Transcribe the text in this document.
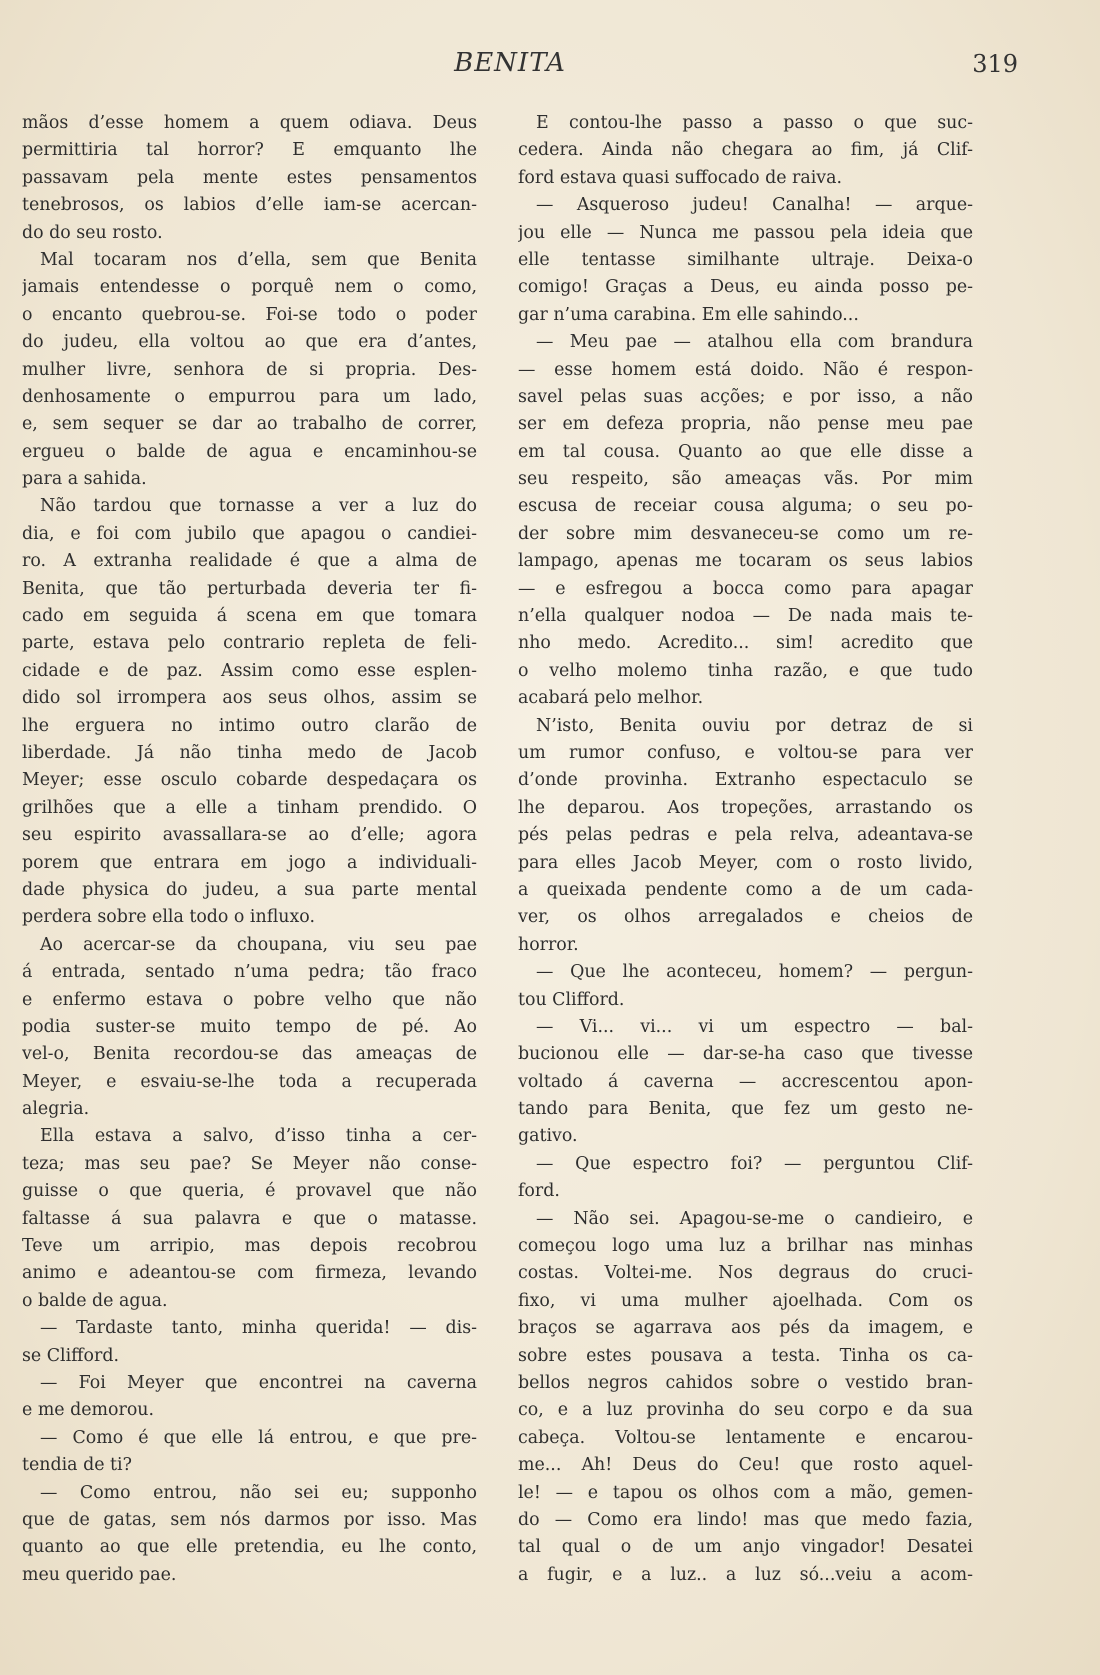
BENITA	319
mãos d’esse homem a quem odiava. Deus
permittiria tal horror? E emquanto lhe
passavam pela mente estes pensamentos
tenebrosos, os labios d’elle iam-se acercan-
do do seu rosto.
Mal tocaram nos d’ella, sem que Benita
jamais entendesse o porquê nem o como,
o encanto quebrou-se. Foi-se todo o poder
do judeu, ella voltou ao que era d’antes,
mulher livre, senhora de si propria. Des-
denhosamente o empurrou para um lado,
e, sem sequer se dar ao trabalho de correr,
ergueu o balde de agua e encaminhou-se
para a sahida.
Não tardou que tornasse a ver a luz do
dia, e foi com jubilo que apagou o candiei-
ro. A extranha realidade é que a alma de
Benita, que tão perturbada deveria ter fi-
cado em seguida á scena em que tomara
parte, estava pelo contrario repleta de feli-
cidade e de paz. Assim como esse esplen-
dido sol irrompera aos seus olhos, assim se
lhe erguera no intimo outro clarão de
liberdade. Já não tinha medo de Jacob
Meyer; esse osculo cobarde despedaçara os
grilhões que a elle a tinham prendido. O
seu espirito avassallara-se ao d’elle; agora
porem que entrara em jogo a individuali-
dade physica do judeu, a sua parte mental
perdera sobre ella todo o influxo.
Ao acercar-se da choupana, viu seu pae
á entrada, sentado n’uma pedra; tão fraco
e enfermo estava o pobre velho que não
podia suster-se muito tempo de pé. Ao
vel-o, Benita recordou-se das ameaças de
Meyer, e esvaiu-se-lhe toda a recuperada
alegria.
Ella estava a salvo, d’isso tinha a cer-
teza; mas seu pae? Se Meyer não conse-
guisse o que queria, é provavel que não
faltasse á sua palavra e que o matasse.
Teve um arripio, mas depois recobrou
animo e adeantou-se com firmeza, levando
o balde de agua.
— Tardaste tanto, minha querida! — dis-
se Clifford.
— Foi Meyer que encontrei na caverna
e me demorou.
— Como é que elle lá entrou, e que pre-
tendia de ti?
— Como entrou, não sei eu; supponho
que de gatas, sem nós darmos por isso. Mas
quanto ao que elle pretendia, eu lhe conto,
meu querido pae.
E contou-lhe passo a passo o que suc-
cedera. Ainda não chegara ao fim, já Clif-
ford estava quasi suffocado de raiva.
— Asqueroso judeu! Canalha! — arque-
jou elle — Nunca me passou pela ideia que
elle tentasse similhante ultraje. Deixa-o
comigo! Graças a Deus, eu ainda posso pe-
gar n’uma carabina. Em elle sahindo...
— Meu pae — atalhou ella com brandura
— esse homem está doido. Não é respon-
savel pelas suas acções; e por isso, a não
ser em defeza propria, não pense meu pae
em tal cousa. Quanto ao que elle disse a
seu respeito, são ameaças vãs. Por mim
escusa de receiar cousa alguma; o seu po-
der sobre mim desvaneceu-se como um re-
lampago, apenas me tocaram os seus labios
— e esfregou a bocca como para apagar
n’ella qualquer nodoa — De nada mais te-
nho medo. Acredito... sim! acredito que
o velho molemo tinha razão, e que tudo
acabará pelo melhor.
N’isto, Benita ouviu por detraz de si
um rumor confuso, e voltou-se para ver
d’onde provinha. Extranho espectaculo se
lhe deparou. Aos tropeções, arrastando os
pés pelas pedras e pela relva, adeantava-se
para elles Jacob Meyer, com o rosto livido,
a queixada pendente como a de um cada-
ver, os olhos arregalados e cheios de
horror.
— Que lhe aconteceu, homem? — pergun-
tou Clifford.
— Vi... vi... vi um espectro — bal-
bucionou elle — dar-se-ha caso que tivesse
voltado á caverna — accrescentou apon-
tando para Benita, que fez um gesto ne-
gativo.
— Que espectro foi? — perguntou Clif-
ford.
— Não sei. Apagou-se-me o candieiro, e
começou logo uma luz a brilhar nas minhas
costas. Voltei-me. Nos degraus do cruci-
fixo, vi uma mulher ajoelhada. Com os
braços se agarrava aos pés da imagem, e
sobre estes pousava a testa. Tinha os ca-
bellos negros cahidos sobre o vestido bran-
co, e a luz provinha do seu corpo e da sua
cabeça. Voltou-se lentamente e encarou-
me... Ah! Deus do Ceu! que rosto aquel-
le! — e tapou os olhos com a mão, gemen-
do — Como era lindo! mas que medo fazia,
tal qual o de um anjo vingador! Desatei
a fugir, e a luz.. a luz só...veiu a acom-
